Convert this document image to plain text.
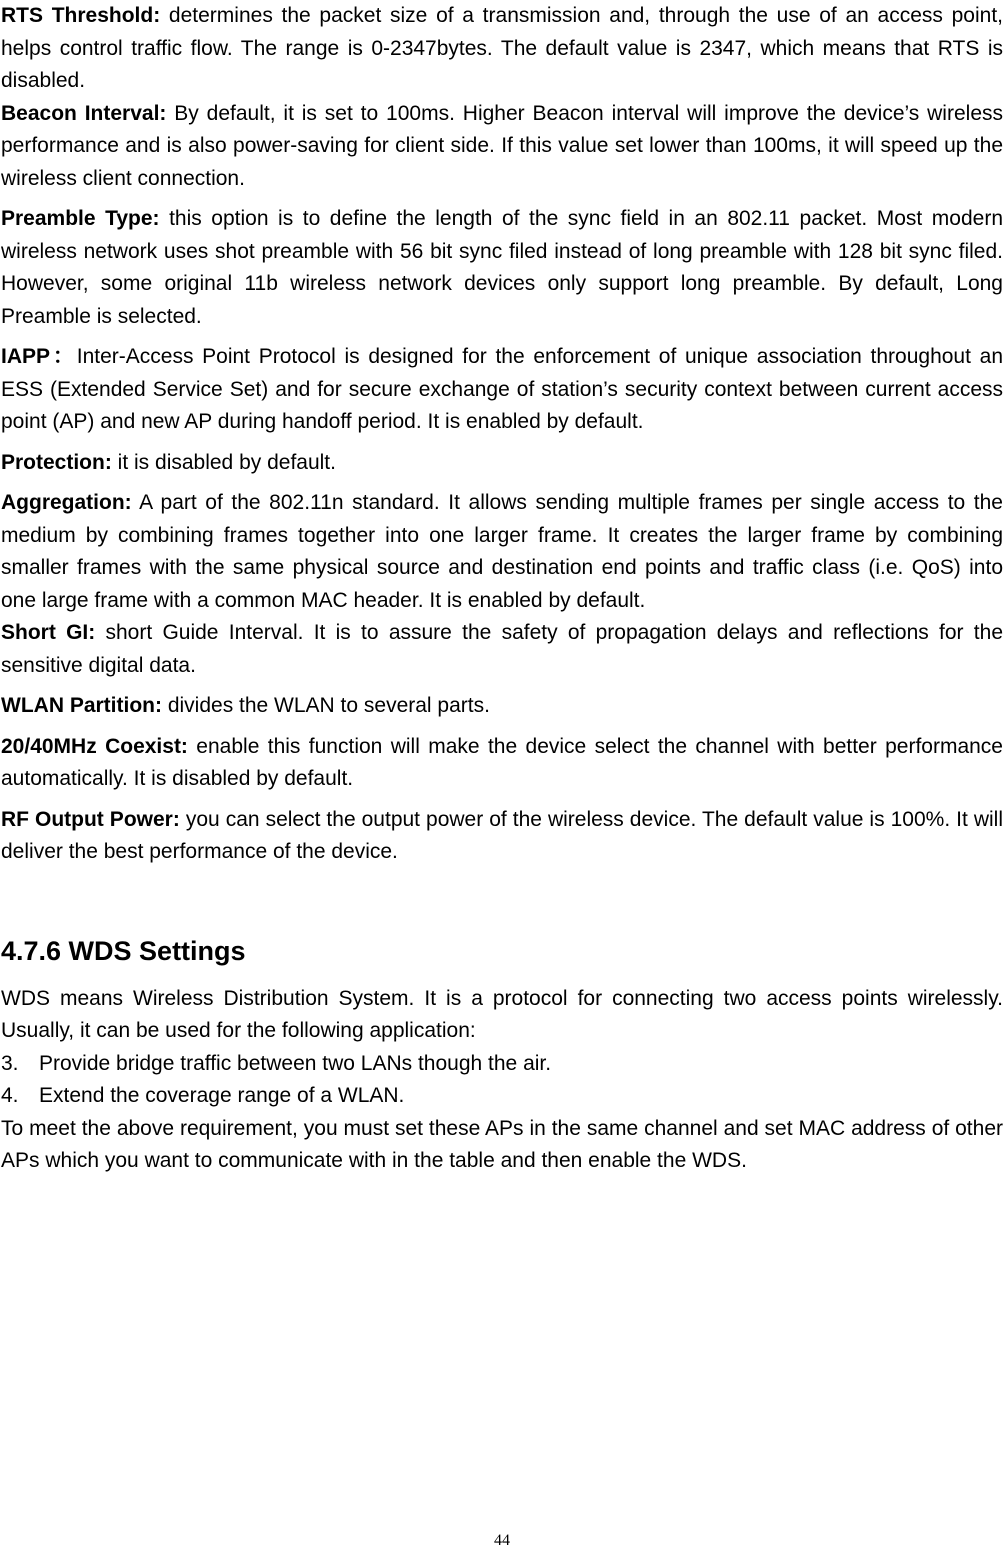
RTS Threshold: determines the packet size of a transmission and, through the use of an access point, helps control traffic flow. The range is 0-2347bytes. The default value is 2347, which means that RTS is disabled.

Beacon Interval: By default, it is set to 100ms. Higher Beacon interval will improve the device’s wireless performance and is also power-saving for client side. If this value set lower than 100ms, it will speed up the wireless client connection.

Preamble Type: this option is to define the length of the sync field in an 802.11 packet. Most modern wireless network uses shot preamble with 56 bit sync filed instead of long preamble with 128 bit sync filed. However, some original 11b wireless network devices only support long preamble. By default, Long Preamble is selected.

IAPP：Inter-Access Point Protocol is designed for the enforcement of unique association throughout an ESS (Extended Service Set) and for secure exchange of station’s security context between current access point (AP) and new AP during handoff period. It is enabled by default.

Protection: it is disabled by default.

Aggregation: A part of the 802.11n standard. It allows sending multiple frames per single access to the medium by combining frames together into one larger frame. It creates the larger frame by combining smaller frames with the same physical source and destination end points and traffic class (i.e. QoS) into one large frame with a common MAC header. It is enabled by default.

Short GI: short Guide Interval. It is to assure the safety of propagation delays and reflections for the sensitive digital data.

WLAN Partition: divides the WLAN to several parts.

20/40MHz Coexist: enable this function will make the device select the channel with better performance automatically. It is disabled by default.

RF Output Power: you can select the output power of the wireless device. The default value is 100%. It will deliver the best performance of the device.

4.7.6 WDS Settings

WDS means Wireless Distribution System. It is a protocol for connecting two access points wirelessly. Usually, it can be used for the following application:

3. Provide bridge traffic between two LANs though the air.
4. Extend the coverage range of a WLAN.

To meet the above requirement, you must set these APs in the same channel and set MAC address of other APs which you want to communicate with in the table and then enable the WDS.

44
